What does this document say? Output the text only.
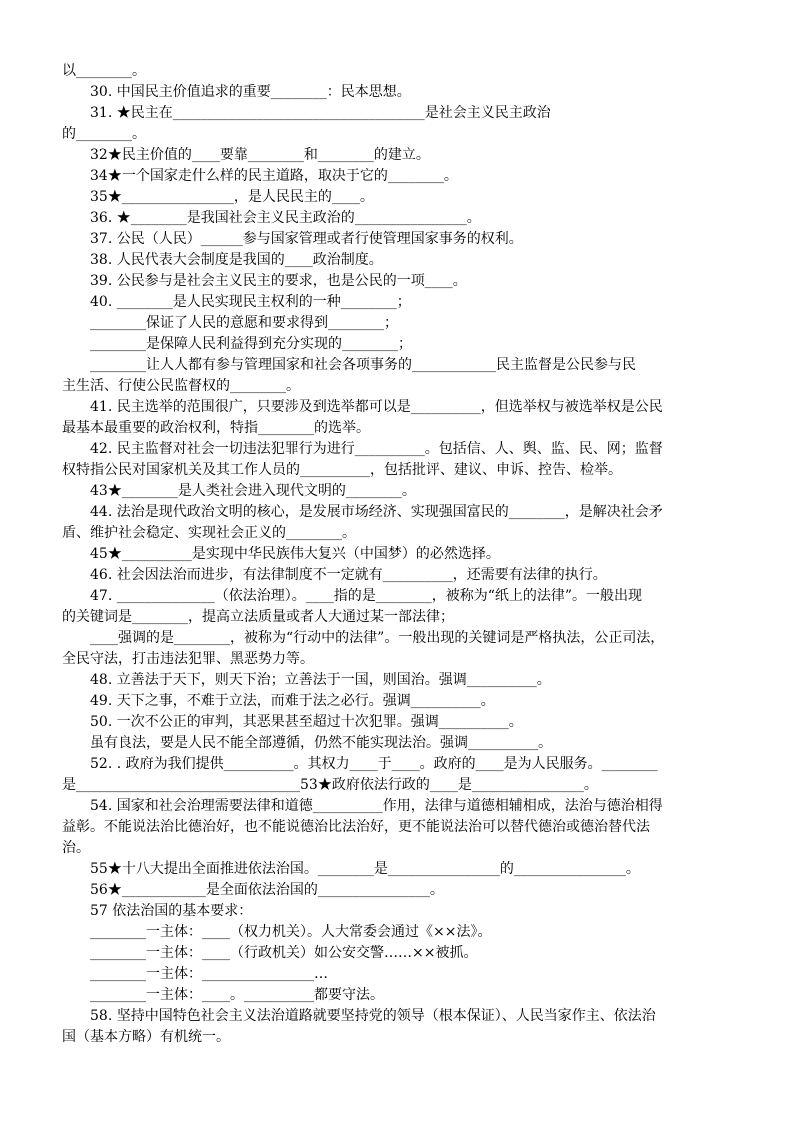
以________。
30. 中国民主价值追求的重要________：民本思想。
31. ★民主在____________________________________是社会主义民主政治
的________。
32★民主价值的____要靠________和________的建立。
34★一个国家走什么样的民主道路，取决于它的________。
35★________________，是人民民主的____。
36. ★________是我国社会主义民主政治的________________。
37. 公民（人民）______参与国家管理或者行使管理国家事务的权利。
38. 人民代表大会制度是我国的____政治制度。
39. 公民参与是社会主义民主的要求，也是公民的一项____。
40. ________是人民实现民主权利的一种________；
________保证了人民的意愿和要求得到________；
________是保障人民利益得到充分实现的________；
________让人人都有参与管理国家和社会各项事务的____________民主监督是公民参与民
主生活、行使公民监督权的________。
41. 民主选举的范围很广，只要涉及到选举都可以是__________，但选举权与被选举权是公民
最基本最重要的政治权利，特指________的选举。
42. 民主监督对社会一切违法犯罪行为进行__________。包括信、人、舆、监、民、网；监督
权特指公民对国家机关及其工作人员的__________，包括批评、建议、申诉、控告、检举。
43★________是人类社会进入现代文明的________。
44. 法治是现代政治文明的核心，是发展市场经济、实现强国富民的________，是解决社会矛
盾、维护社会稳定、实现社会正义的________。
45★__________是实现中华民族伟大复兴（中国梦）的必然选择。
46. 社会因法治而进步，有法律制度不一定就有__________，还需要有法律的执行。
47. ______________（依法治理）。____指的是________，被称为“纸上的法律”。一般出现
的关键词是________，提高立法质量或者人大通过某一部法律；
____强调的是________，被称为“行动中的法律”。一般出现的关键词是严格执法，公正司法，
全民守法，打击违法犯罪、黑恶势力等。
48. 立善法于天下，则天下治；立善法于一国，则国治。强调__________。
49. 天下之事，不难于立法，而难于法之必行。强调__________。
50. 一次不公正的审判，其恶果甚至超过十次犯罪。强调__________。
虽有良法，要是人民不能全部遵循，仍然不能实现法治。强调__________。
52. . 政府为我们提供__________。其权力____于____。政府的____是为人民服务。________
是________________________________53★政府依法行政的____是________________。
54. 国家和社会治理需要法律和道德__________作用，法律与道德相辅相成，法治与德治相得
益彰。不能说法治比德治好，也不能说德治比法治好，更不能说法治可以替代德治或德治替代法
治。
55★十八大提出全面推进依法治国。________是________________的________________。
56★____________是全面依法治国的________________。
57 依法治国的基本要求：
________一主体：____（权力机关）。人大常委会通过《××法》。
________一主体：____（行政机关）如公安交警……××被抓。
________一主体：________________…
________一主体：____。__________都要守法。
58. 坚持中国特色社会主义法治道路就要坚持党的领导（根本保证）、人民当家作主、依法治
国（基本方略）有机统一。
